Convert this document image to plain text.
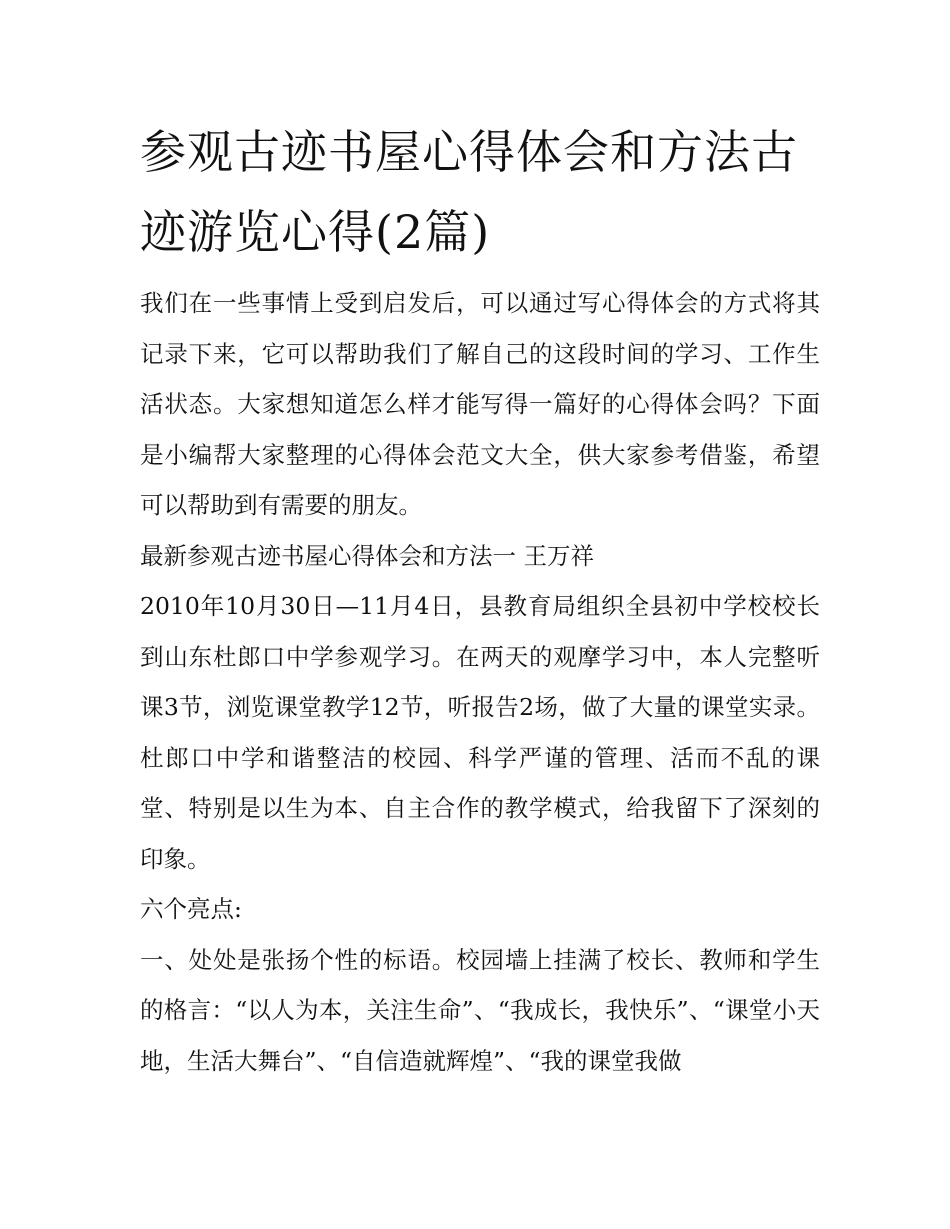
参观古迹书屋心得体会和方法古迹游览心得(2篇)

我们在一些事情上受到启发后，可以通过写心得体会的方式将其记录下来，它可以帮助我们了解自己的这段时间的学习、工作生活状态。大家想知道怎么样才能写得一篇好的心得体会吗？下面是小编帮大家整理的心得体会范文大全，供大家参考借鉴，希望可以帮助到有需要的朋友。

最新参观古迹书屋心得体会和方法一 王万祥

2010年10月30日—11月4日，县教育局组织全县初中学校校长到山东杜郎口中学参观学习。在两天的观摩学习中，本人完整听课3节，浏览课堂教学12节，听报告2场，做了大量的课堂实录。杜郎口中学和谐整洁的校园、科学严谨的管理、活而不乱的课堂、特别是以生为本、自主合作的教学模式，给我留下了深刻的印象。

六个亮点:

一、处处是张扬个性的标语。校园墙上挂满了校长、教师和学生的格言：“以人为本，关注生命”、“我成长，我快乐”、“课堂小天地，生活大舞台”、“自信造就辉煌”、“我的课堂我做
